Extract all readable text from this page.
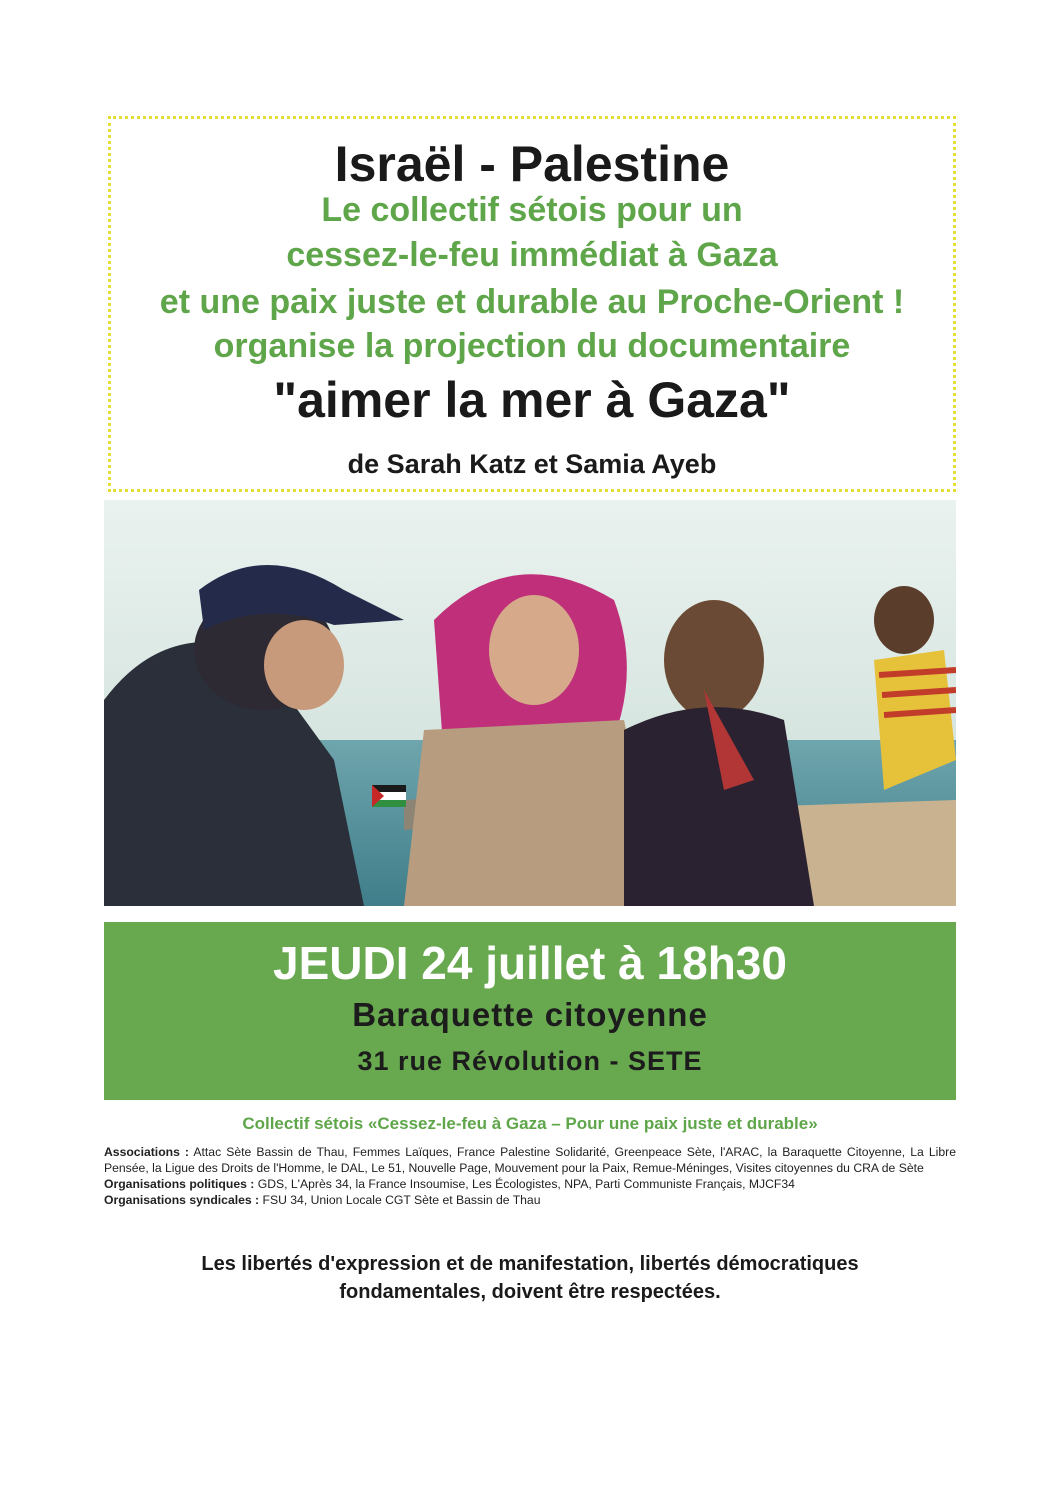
Israël - Palestine
Le collectif sétois pour un
cessez-le-feu immédiat à Gaza
et une paix juste et durable au Proche-Orient !
organise la projection du documentaire
"aimer la mer à Gaza"
de Sarah Katz et Samia Ayeb
JEUDI 24 juillet à 18h30
Baraquette citoyenne
31 rue Révolution - SETE
Collectif sétois «Cessez-le-feu à Gaza – Pour une paix juste et durable»

Associations : Attac Sète Bassin de Thau, Femmes Laïques, France Palestine Solidarité, Greenpeace Sète, l'ARAC, la Baraquette Citoyenne, La Libre Pensée, la Ligue des Droits de l'Homme, le DAL, Le 51, Nouvelle Page, Mouvement pour la Paix, Remue-Méninges, Visites citoyennes du CRA de Sète

Organisations politiques : GDS, L'Après 34, la France Insoumise, Les Écologistes, NPA, Parti Communiste Français, MJCF34

Organisations syndicales : FSU 34, Union Locale CGT Sète et Bassin de Thau

Les libertés d'expression et de manifestation, libertés démocratiques
fondamentales, doivent être respectées.
